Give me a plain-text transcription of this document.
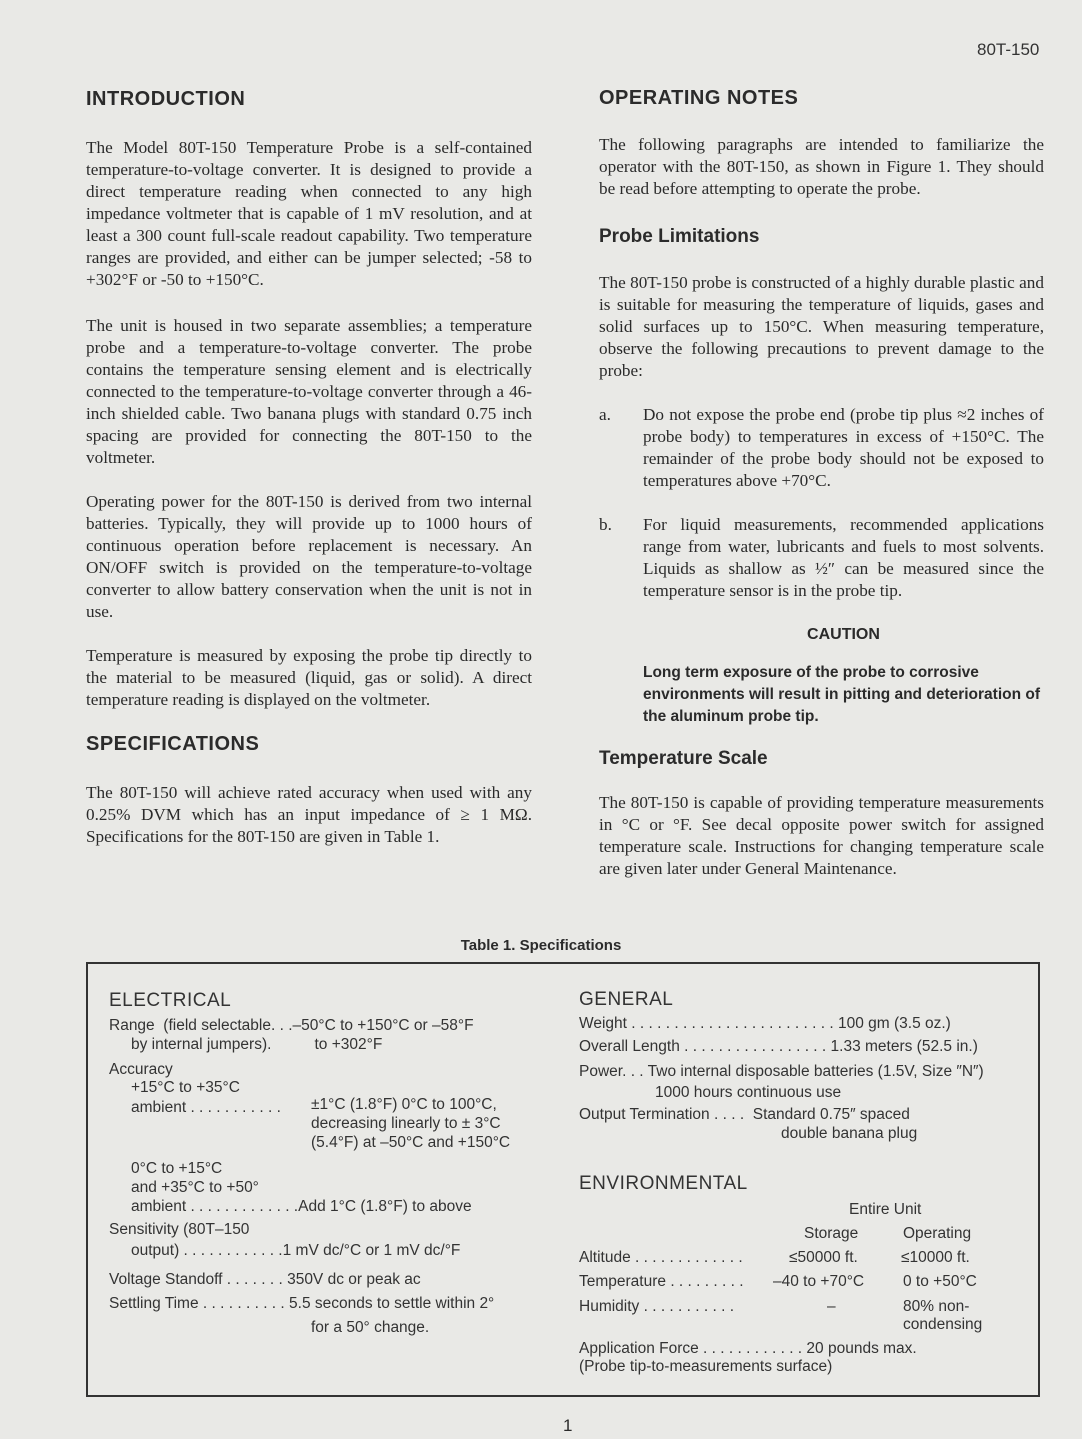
80T-150
INTRODUCTION

The Model 80T-150 Temperature Probe is a self-contained temperature-to-voltage converter. It is designed to provide a direct temperature reading when connected to any high impedance voltmeter that is capable of 1 mV resolution, and at least a 300 count full-scale readout capability. Two temperature ranges are provided, and either can be jumper selected; -58 to +302°F or -50 to +150°C.

The unit is housed in two separate assemblies; a temperature probe and a temperature-to-voltage converter. The probe contains the temperature sensing element and is electrically connected to the temperature-to-voltage converter through a 46-inch shielded cable. Two banana plugs with standard 0.75 inch spacing are provided for connecting the 80T-150 to the voltmeter.

Operating power for the 80T-150 is derived from two internal batteries. Typically, they will provide up to 1000 hours of continuous operation before replacement is necessary. An ON/OFF switch is provided on the temperature-to-voltage converter to allow battery conservation when the unit is not in use.

Temperature is measured by exposing the probe tip directly to the material to be measured (liquid, gas or solid). A direct temperature reading is displayed on the voltmeter.

SPECIFICATIONS

The 80T-150 will achieve rated accuracy when used with any 0.25% DVM which has an input impedance of ≥ 1 MΩ. Specifications for the 80T-150 are given in Table 1.

OPERATING NOTES

The following paragraphs are intended to familiarize the operator with the 80T-150, as shown in Figure 1. They should be read before attempting to operate the probe.

Probe Limitations

The 80T-150 probe is constructed of a highly durable plastic and is suitable for measuring the temperature of liquids, gases and solid surfaces up to 150°C. When measuring temperature, observe the following precautions to prevent damage to the probe:

a.	Do not expose the probe end (probe tip plus ≈2 inches of probe body) to temperatures in excess of +150°C. The remainder of the probe body should not be exposed to temperatures above +70°C.

b.	For liquid measurements, recommended applications range from water, lubricants and fuels to most solvents. Liquids as shallow as ½″ can be measured since the temperature sensor is in the probe tip.

CAUTION

Long term exposure of the probe to corrosive environments will result in pitting and deterioration of the aluminum probe tip.

Temperature Scale

The 80T-150 is capable of providing temperature measurements in °C or °F. See decal opposite power switch for assigned temperature scale. Instructions for changing temperature scale are given later under General Maintenance.

Table 1. Specifications
ELECTRICAL
Range  (field selectable. . .–50°C to +150°C or –58°F
by internal jumpers).          to +302°F
Accuracy
+15°C to +35°C
ambient . . . . . . . . . . . ±1°C (1.8°F) 0°C to 100°C,
decreasing linearly to ± 3°C
(5.4°F) at –50°C and +150°C
0°C to +15°C
and +35°C to +50°
ambient . . . . . . . . . . . . .Add 1°C (1.8°F) to above
Sensitivity (80T–150
output) . . . . . . . . . . . .1 mV dc/°C or 1 mV dc/°F
Voltage Standoff . . . . . . . 350V dc or peak ac
Settling Time . . . . . . . . . . 5.5 seconds to settle within 2°
for a 50° change.
GENERAL
Weight . . . . . . . . . . . . . . . . . . . . . . . . 100 gm (3.5 oz.)
Overall Length . . . . . . . . . . . . . . . . . 1.33 meters (52.5 in.)
Power. . . Two internal disposable batteries (1.5V, Size ″N″)
1000 hours continuous use
Output Termination . . . .  Standard 0.75″ spaced
double banana plug
ENVIRONMENTAL
Entire Unit
Storage	Operating
Altitude . . . . . . . . . . . . .	≤50000 ft.	≤10000 ft.
Temperature . . . . . . . . . –40 to +70°C	0 to +50°C
Humidity . . . . . . . . . . .	–	80% non-
condensing
Application Force . . . . . . . . . . . . 20 pounds max.
(Probe tip-to-measurements surface)
1
